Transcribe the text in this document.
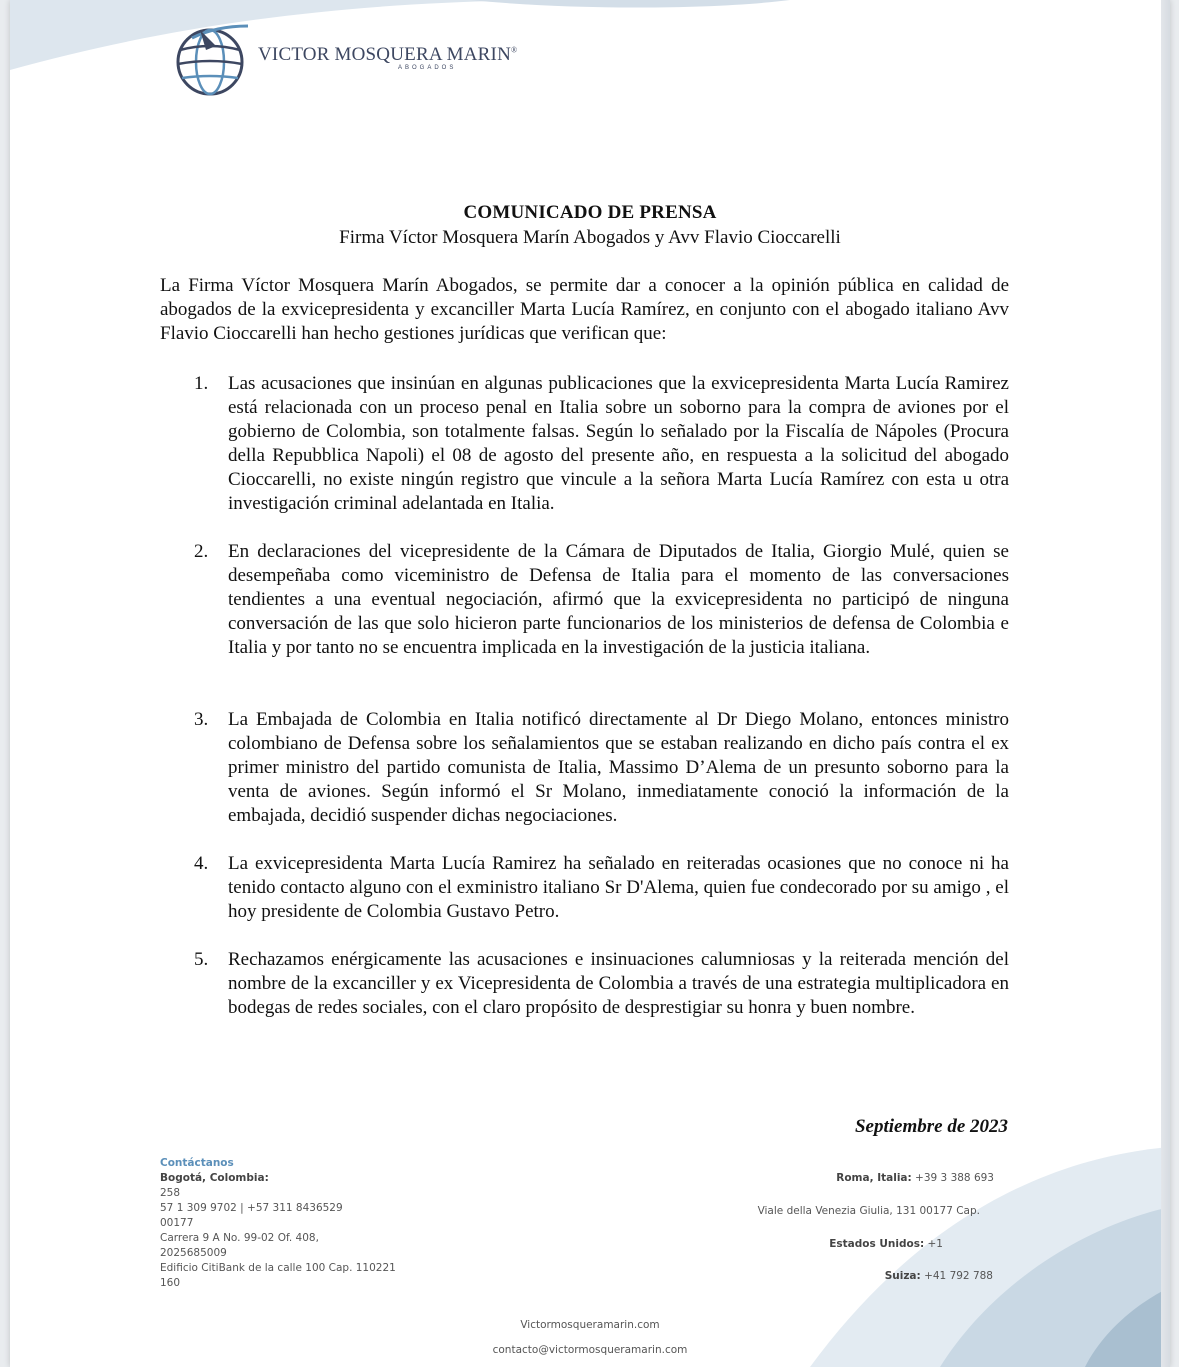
VICTOR MOSQUERA MARIN®
ABOGADOS
COMUNICADO DE PRENSA
Firma Víctor Mosquera Marín Abogados y Avv Flavio Cioccarelli

La Firma Víctor Mosquera Marín Abogados, se permite dar a conocer a la opinión pública en calidad de abogados de la exvicepresidenta y excanciller Marta Lucía Ramírez, en conjunto con el abogado italiano Avv Flavio Cioccarelli han hecho gestiones jurídicas que verifican que:

1.	Las acusaciones que insinúan en algunas publicaciones que la exvicepresidenta Marta Lucía Ramirez está relacionada con un proceso penal en Italia sobre un soborno para la compra de aviones por el gobierno de Colombia, son totalmente falsas. Según lo señalado por la Fiscalía de Nápoles (Procura della Repubblica Napoli) el 08 de agosto del presente año, en respuesta a la solicitud del abogado Cioccarelli, no existe ningún registro que vincule a la señora Marta Lucía Ramírez con esta u otra investigación criminal adelantada en Italia.
2.	En declaraciones del vicepresidente de la Cámara de Diputados de Italia, Giorgio Mulé, quien se desempeñaba como viceministro de Defensa de Italia para el momento de las conversaciones tendientes a una eventual negociación, afirmó que la exvicepresidenta no participó de ninguna conversación de las que solo hicieron parte funcionarios de los ministerios de defensa de Colombia e Italia y por tanto no se encuentra implicada en la investigación de la justicia italiana.
3.	La Embajada de Colombia en Italia notificó directamente al Dr Diego Molano, entonces ministro colombiano de Defensa sobre los señalamientos que se estaban realizando en dicho país contra el ex primer ministro del partido comunista de Italia, Massimo D’Alema de un presunto soborno para la venta de aviones. Según informó el Sr Molano, inmediatamente conoció la información de la embajada, decidió suspender dichas negociaciones.
4.	La exvicepresidenta Marta Lucía Ramirez ha señalado en reiteradas ocasiones que no conoce ni ha tenido contacto alguno con el exministro italiano Sr D'Alema, quien fue condecorado por su amigo , el hoy presidente de Colombia Gustavo Petro.
5.	Rechazamos enérgicamente las acusaciones e insinuaciones calumniosas y la reiterada mención del nombre de la excanciller y ex Vicepresidenta de Colombia a través de una estrategia multiplicadora en bodegas de redes sociales, con el claro propósito de desprestigiar su honra y buen nombre.
Septiembre de 2023
Contáctanos
Bogotá, Colombia:
258
57 1 309 9702 | +57 311 8436529
00177
Carrera 9 A No. 99-02 Of. 408,
2025685009
Edificio CitiBank de la calle 100 Cap. 110221
160
Roma, Italia: +39 3 388 693
Viale della Venezia Giulia, 131 00177 Cap.
Estados Unidos: +1
Suiza: +41 792 788
Victormosqueramarin.com
contacto@victormosqueramarin.com
